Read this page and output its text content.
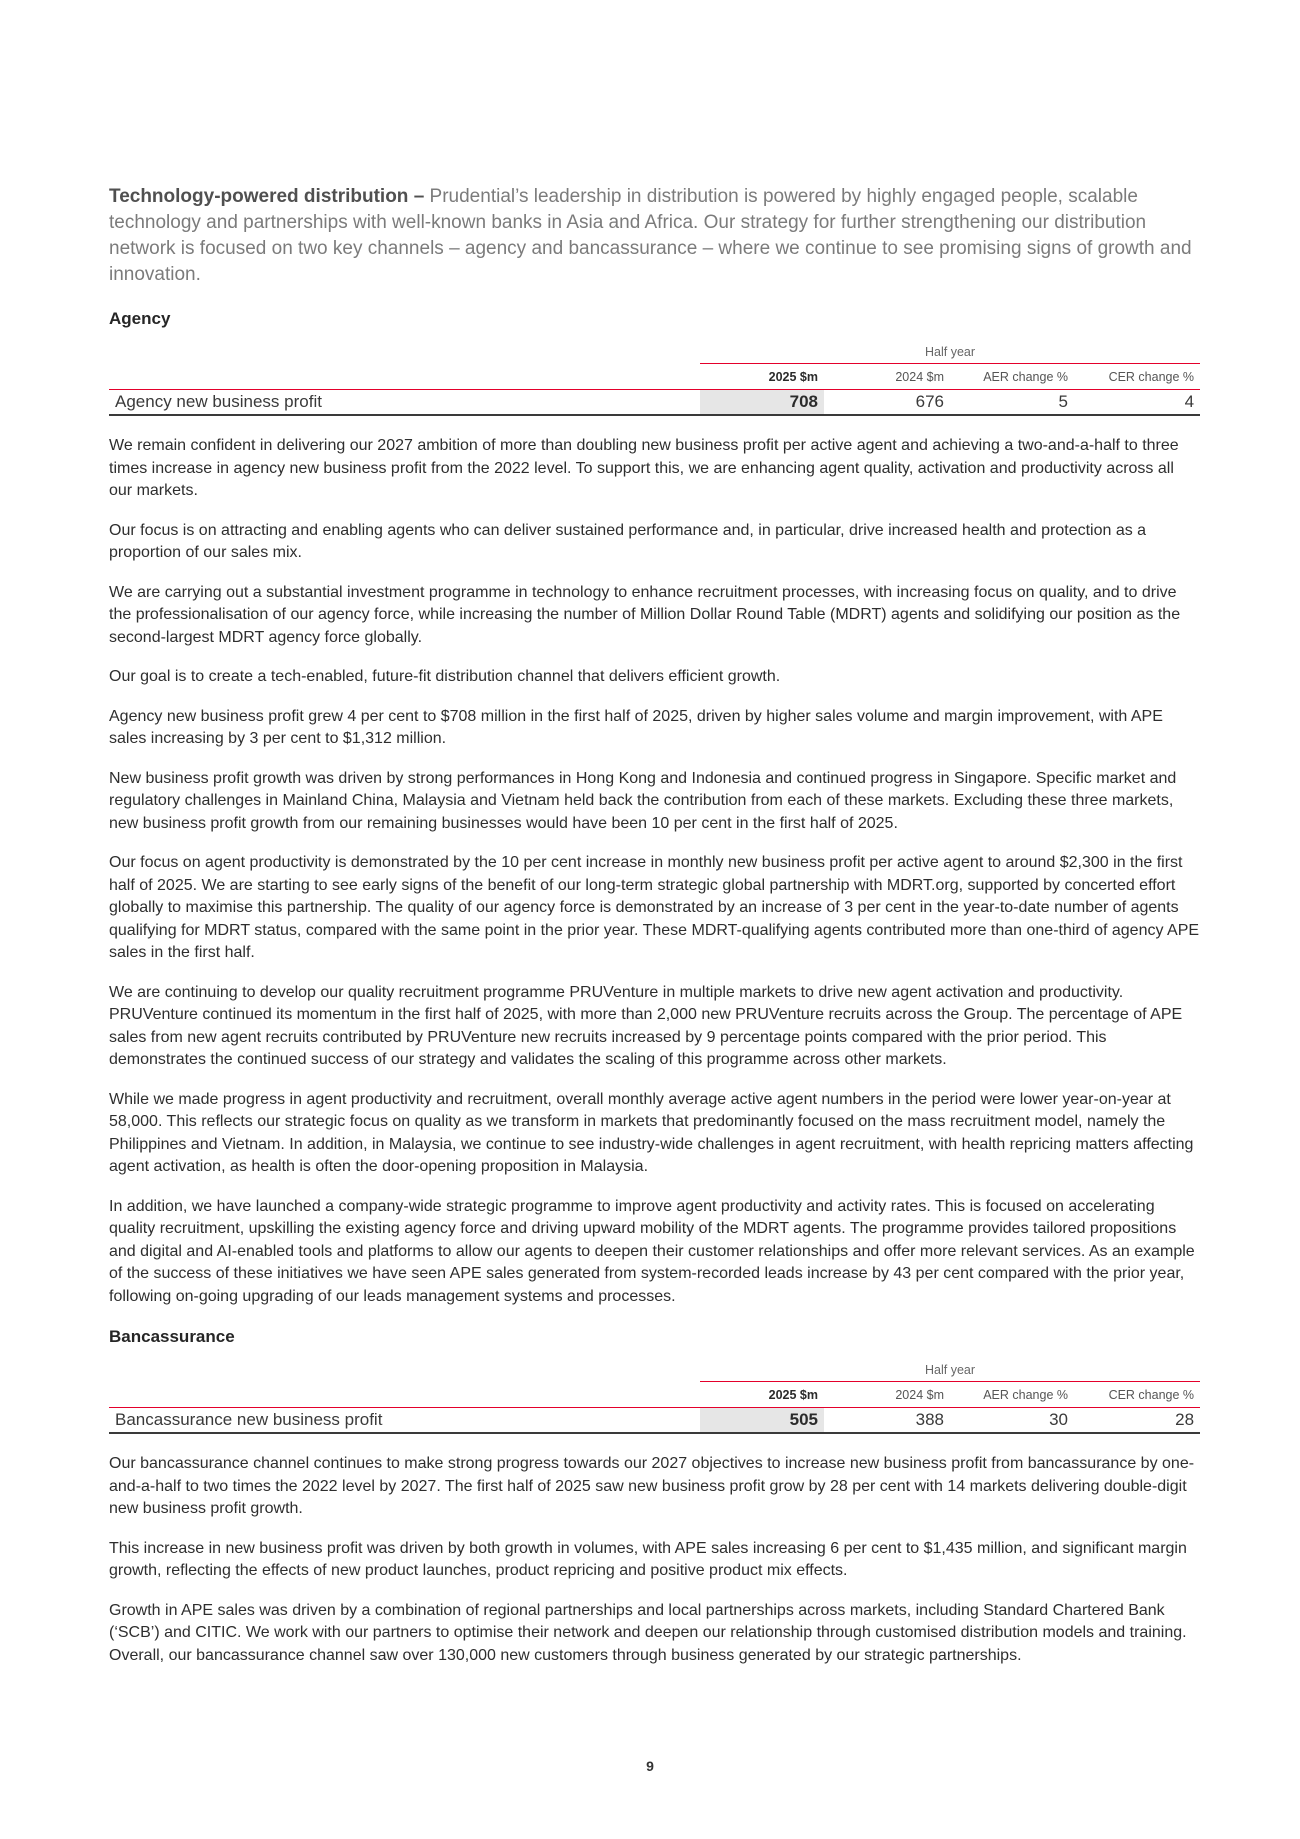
Technology-powered distribution – Prudential’s leadership in distribution is powered by highly engaged people, scalable technology and partnerships with well-known banks in Asia and Africa. Our strategy for further strengthening our distribution network is focused on two key channels – agency and bancassurance – where we continue to see promising signs of growth and innovation.

Agency
	Half year			
	2025 $m	2024 $m	AER change %	CER change %
Agency new business profit	708	676	5	4

We remain confident in delivering our 2027 ambition of more than doubling new business profit per active agent and achieving a two-and-a-half to three times increase in agency new business profit from the 2022 level. To support this, we are enhancing agent quality, activation and productivity across all our markets.

Our focus is on attracting and enabling agents who can deliver sustained performance and, in particular, drive increased health and protection as a proportion of our sales mix.

We are carrying out a substantial investment programme in technology to enhance recruitment processes, with increasing focus on quality, and to drive the professionalisation of our agency force, while increasing the number of Million Dollar Round Table (MDRT) agents and solidifying our position as the second-largest MDRT agency force globally.

Our goal is to create a tech-enabled, future-fit distribution channel that delivers efficient growth.

Agency new business profit grew 4 per cent to $708 million in the first half of 2025, driven by higher sales volume and margin improvement, with APE sales increasing by 3 per cent to $1,312 million.

New business profit growth was driven by strong performances in Hong Kong and Indonesia and continued progress in Singapore. Specific market and regulatory challenges in Mainland China, Malaysia and Vietnam held back the contribution from each of these markets. Excluding these three markets, new business profit growth from our remaining businesses would have been 10 per cent in the first half of 2025.

Our focus on agent productivity is demonstrated by the 10 per cent increase in monthly new business profit per active agent to around $2,300 in the first half of 2025. We are starting to see early signs of the benefit of our long-term strategic global partnership with MDRT.org, supported by concerted effort globally to maximise this partnership. The quality of our agency force is demonstrated by an increase of 3 per cent in the year-to-date number of agents qualifying for MDRT status, compared with the same point in the prior year. These MDRT-qualifying agents contributed more than one-third of agency APE sales in the first half.

We are continuing to develop our quality recruitment programme PRUVenture in multiple markets to drive new agent activation and productivity. PRUVenture continued its momentum in the first half of 2025, with more than 2,000 new PRUVenture recruits across the Group. The percentage of APE sales from new agent recruits contributed by PRUVenture new recruits increased by 9 percentage points compared with the prior period. This demonstrates the continued success of our strategy and validates the scaling of this programme across other markets.

While we made progress in agent productivity and recruitment, overall monthly average active agent numbers in the period were lower year-on-year at 58,000. This reflects our strategic focus on quality as we transform in markets that predominantly focused on the mass recruitment model, namely the Philippines and Vietnam. In addition, in Malaysia, we continue to see industry-wide challenges in agent recruitment, with health repricing matters affecting agent activation, as health is often the door-opening proposition in Malaysia.

In addition, we have launched a company-wide strategic programme to improve agent productivity and activity rates. This is focused on accelerating quality recruitment, upskilling the existing agency force and driving upward mobility of the MDRT agents. The programme provides tailored propositions and digital and AI-enabled tools and platforms to allow our agents to deepen their customer relationships and offer more relevant services. As an example of the success of these initiatives we have seen APE sales generated from system-recorded leads increase by 43 per cent compared with the prior year, following on-going upgrading of our leads management systems and processes.

Bancassurance
	Half year			
	2025 $m	2024 $m	AER change %	CER change %
Bancassurance new business profit	505	388	30	28

Our bancassurance channel continues to make strong progress towards our 2027 objectives to increase new business profit from bancassurance by one-and-a-half to two times the 2022 level by 2027. The first half of 2025 saw new business profit grow by 28 per cent with 14 markets delivering double-digit new business profit growth.

This increase in new business profit was driven by both growth in volumes, with APE sales increasing 6 per cent to $1,435 million, and significant margin growth, reflecting the effects of new product launches, product repricing and positive product mix effects.

Growth in APE sales was driven by a combination of regional partnerships and local partnerships across markets, including Standard Chartered Bank (‘SCB’) and CITIC. We work with our partners to optimise their network and deepen our relationship through customised distribution models and training. Overall, our bancassurance channel saw over 130,000 new customers through business generated by our strategic partnerships.

9
